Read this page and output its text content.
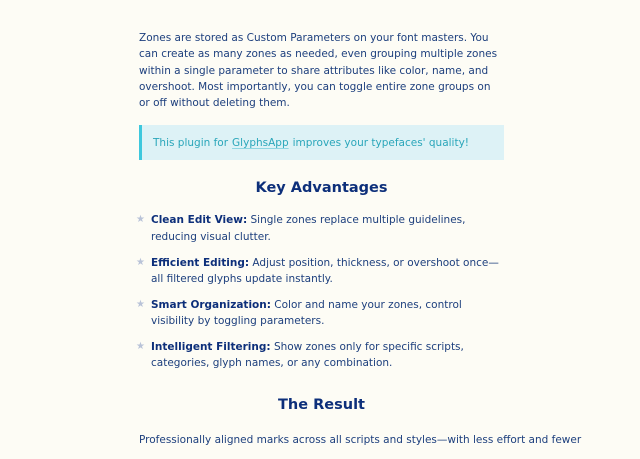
Zones are stored as Custom Parameters on your font masters. You can create as many zones as needed, even grouping multiple zones within a single parameter to share attributes like color, name, and overshoot. Most importantly, you can toggle entire zone groups on or off without deleting them.

This plugin for GlyphsApp improves your typefaces' quality!
Key Advantages
★ Clean Edit View: Single zones replace multiple guidelines, reducing visual clutter.
★ Efficient Editing: Adjust position, thickness, or overshoot once—all filtered glyphs update instantly.
★ Smart Organization: Color and name your zones, control visibility by toggling parameters.
★ Intelligent Filtering: Show zones only for specific scripts, categories, glyph names, or any combination.
The Result

Professionally aligned marks across all scripts and styles—with less effort and fewer
